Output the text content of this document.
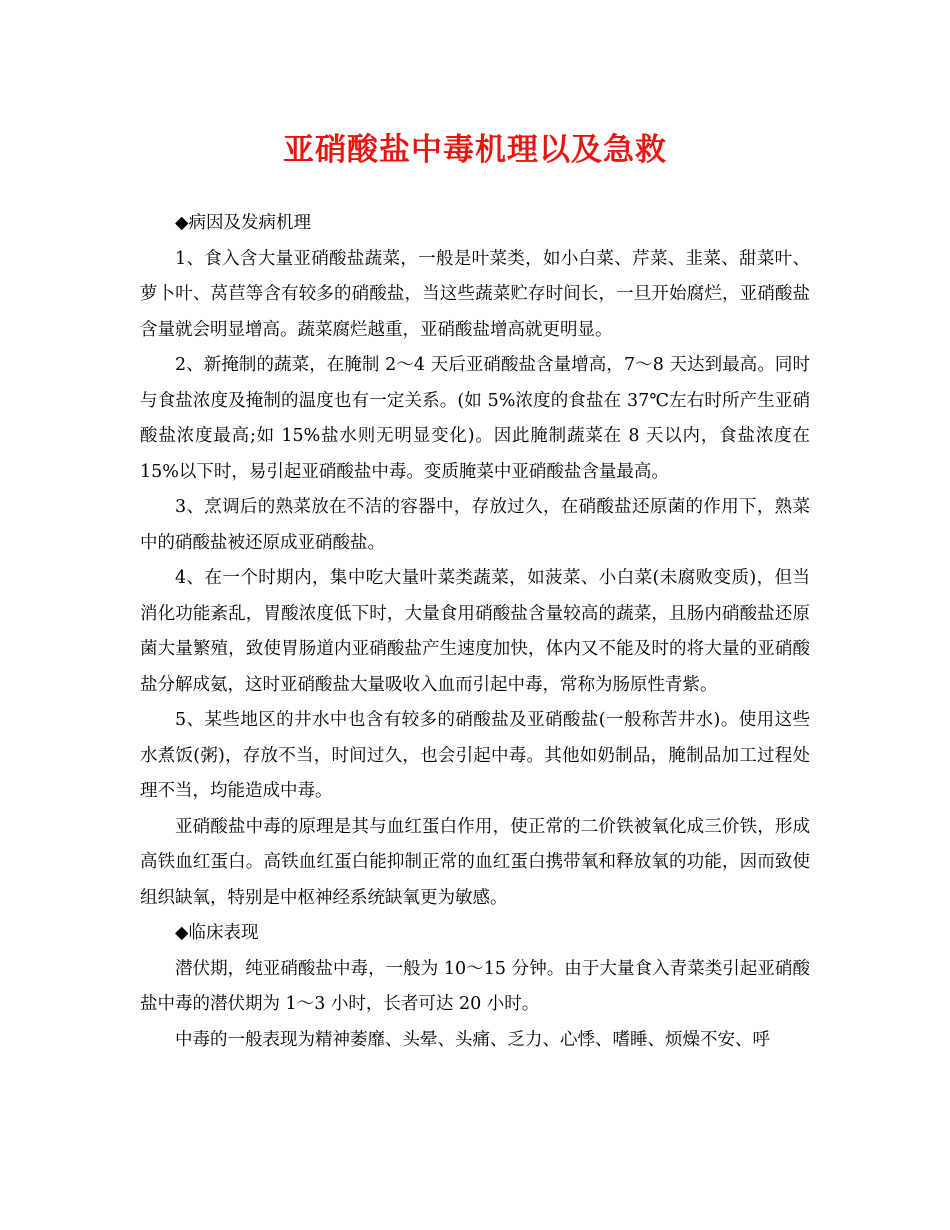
亚硝酸盐中毒机理以及急救

◆病因及发病机理

1、食入含大量亚硝酸盐蔬菜，一般是叶菜类，如小白菜、芹菜、韭菜、甜菜叶、萝卜叶、莴苣等含有较多的硝酸盐，当这些蔬菜贮存时间长，一旦开始腐烂，亚硝酸盐含量就会明显增高。蔬菜腐烂越重，亚硝酸盐增高就更明显。

2、新掩制的蔬菜，在腌制 2～4 天后亚硝酸盐含量增高，7～8 天达到最高。同时与食盐浓度及掩制的温度也有一定关系。(如 5%浓度的食盐在 37℃左右时所产生亚硝酸盐浓度最高;如 15%盐水则无明显变化)。因此腌制蔬菜在 8 天以内，食盐浓度在 15%以下时，易引起亚硝酸盐中毒。变质腌菜中亚硝酸盐含量最高。

3、烹调后的熟菜放在不洁的容器中，存放过久，在硝酸盐还原菌的作用下，熟菜中的硝酸盐被还原成亚硝酸盐。

4、在一个时期内，集中吃大量叶菜类蔬菜，如菠菜、小白菜(未腐败变质)，但当消化功能紊乱，胃酸浓度低下时，大量食用硝酸盐含量较高的蔬菜，且肠内硝酸盐还原菌大量繁殖，致使胃肠道内亚硝酸盐产生速度加快，体内又不能及时的将大量的亚硝酸盐分解成氨，这时亚硝酸盐大量吸收入血而引起中毒，常称为肠原性青紫。

5、某些地区的井水中也含有较多的硝酸盐及亚硝酸盐(一般称苦井水)。使用这些水煮饭(粥)，存放不当，时间过久，也会引起中毒。其他如奶制品，腌制品加工过程处理不当，均能造成中毒。

亚硝酸盐中毒的原理是其与血红蛋白作用，使正常的二价铁被氧化成三价铁，形成高铁血红蛋白。高铁血红蛋白能抑制正常的血红蛋白携带氧和释放氧的功能，因而致使组织缺氧，特别是中枢神经系统缺氧更为敏感。

◆临床表现

潜伏期，纯亚硝酸盐中毒，一般为 10～15 分钟。由于大量食入青菜类引起亚硝酸盐中毒的潜伏期为 1～3 小时，长者可达 20 小时。

中毒的一般表现为精神萎靡、头晕、头痛、乏力、心悸、嗜睡、烦燥不安、呼
